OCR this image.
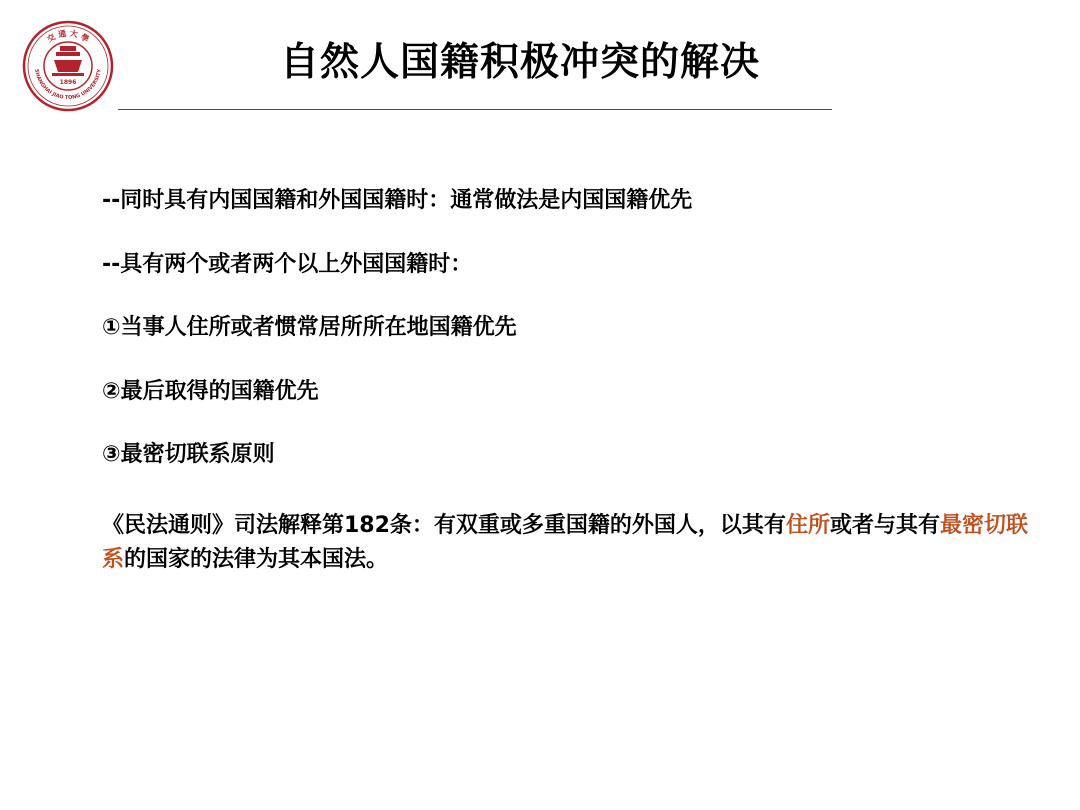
交 通 大 學
SHANGHAI JIAO TONG UNIVERSITY
1896	自然人国籍积极冲突的解决

--同时具有内国国籍和外国国籍时：通常做法是内国国籍优先

--具有两个或者两个以上外国国籍时：

①当事人住所或者惯常居所所在地国籍优先

②最后取得的国籍优先

③最密切联系原则

《民法通则》司法解释第182条：有双重或多重国籍的外国人，以其有住所或者与其有最密切联系的国家的法律为其本国法。
